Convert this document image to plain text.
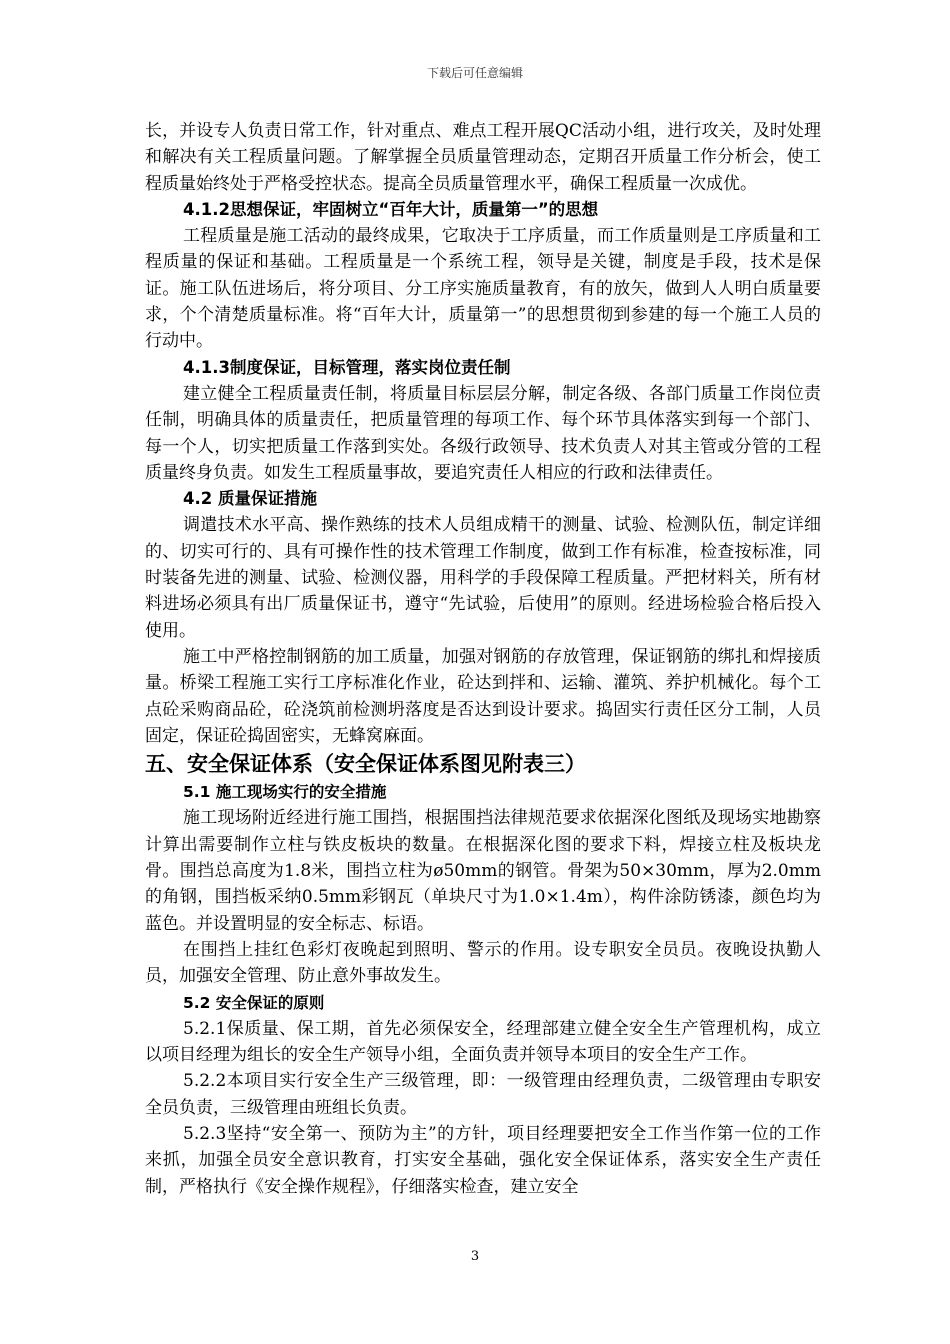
下载后可任意编辑

长，并设专人负责日常工作，针对重点、难点工程开展QC活动小组，进行攻关，及时处理和解决有关工程质量问题。了解掌握全员质量管理动态，定期召开质量工作分析会，使工程质量始终处于严格受控状态。提高全员质量管理水平，确保工程质量一次成优。

4.1.2思想保证，牢固树立“百年大计，质量第一”的思想

工程质量是施工活动的最终成果，它取决于工序质量，而工作质量则是工序质量和工程质量的保证和基础。工程质量是一个系统工程，领导是关键，制度是手段，技术是保证。施工队伍进场后，将分项目、分工序实施质量教育，有的放矢，做到人人明白质量要求，个个清楚质量标准。将“百年大计，质量第一”的思想贯彻到参建的每一个施工人员的行动中。

4.1.3制度保证，目标管理，落实岗位责任制

建立健全工程质量责任制，将质量目标层层分解，制定各级、各部门质量工作岗位责任制，明确具体的质量责任，把质量管理的每项工作、每个环节具体落实到每一个部门、每一个人，切实把质量工作落到实处。各级行政领导、技术负责人对其主管或分管的工程质量终身负责。如发生工程质量事故，要追究责任人相应的行政和法律责任。

4.2 质量保证措施

调遣技术水平高、操作熟练的技术人员组成精干的测量、试验、检测队伍，制定详细的、切实可行的、具有可操作性的技术管理工作制度，做到工作有标准，检查按标准，同时装备先进的测量、试验、检测仪器，用科学的手段保障工程质量。严把材料关，所有材料进场必须具有出厂质量保证书，遵守“先试验，后使用”的原则。经进场检验合格后投入使用。

施工中严格控制钢筋的加工质量，加强对钢筋的存放管理，保证钢筋的绑扎和焊接质量。桥梁工程施工实行工序标准化作业，砼达到拌和、运输、灌筑、养护机械化。每个工点砼采购商品砼，砼浇筑前检测坍落度是否达到设计要求。捣固实行责任区分工制，人员固定，保证砼捣固密实，无蜂窝麻面。

五、安全保证体系（安全保证体系图见附表三）

5.1 施工现场实行的安全措施

施工现场附近经进行施工围挡，根据围挡法律规范要求依据深化图纸及现场实地勘察计算出需要制作立柱与铁皮板块的数量。在根据深化图的要求下料，焊接立柱及板块龙骨。围挡总高度为1.8米，围挡立柱为ø50mm的钢管。骨架为50×30mm，厚为2.0mm的角钢，围挡板采纳0.5mm彩钢瓦（单块尺寸为1.0×1.4m），构件涂防锈漆，颜色均为蓝色。并设置明显的安全标志、标语。

在围挡上挂红色彩灯夜晚起到照明、警示的作用。设专职安全员员。夜晚设执勤人员，加强安全管理、防止意外事故发生。

5.2 安全保证的原则

5.2.1保质量、保工期，首先必须保安全，经理部建立健全安全生产管理机构，成立以项目经理为组长的安全生产领导小组，全面负责并领导本项目的安全生产工作。

5.2.2本项目实行安全生产三级管理，即：一级管理由经理负责，二级管理由专职安全员负责，三级管理由班组长负责。

5.2.3坚持“安全第一、预防为主”的方针，项目经理要把安全工作当作第一位的工作来抓，加强全员安全意识教育，打实安全基础，强化安全保证体系，落实安全生产责任制，严格执行《安全操作规程》，仔细落实检查，建立安全

3
